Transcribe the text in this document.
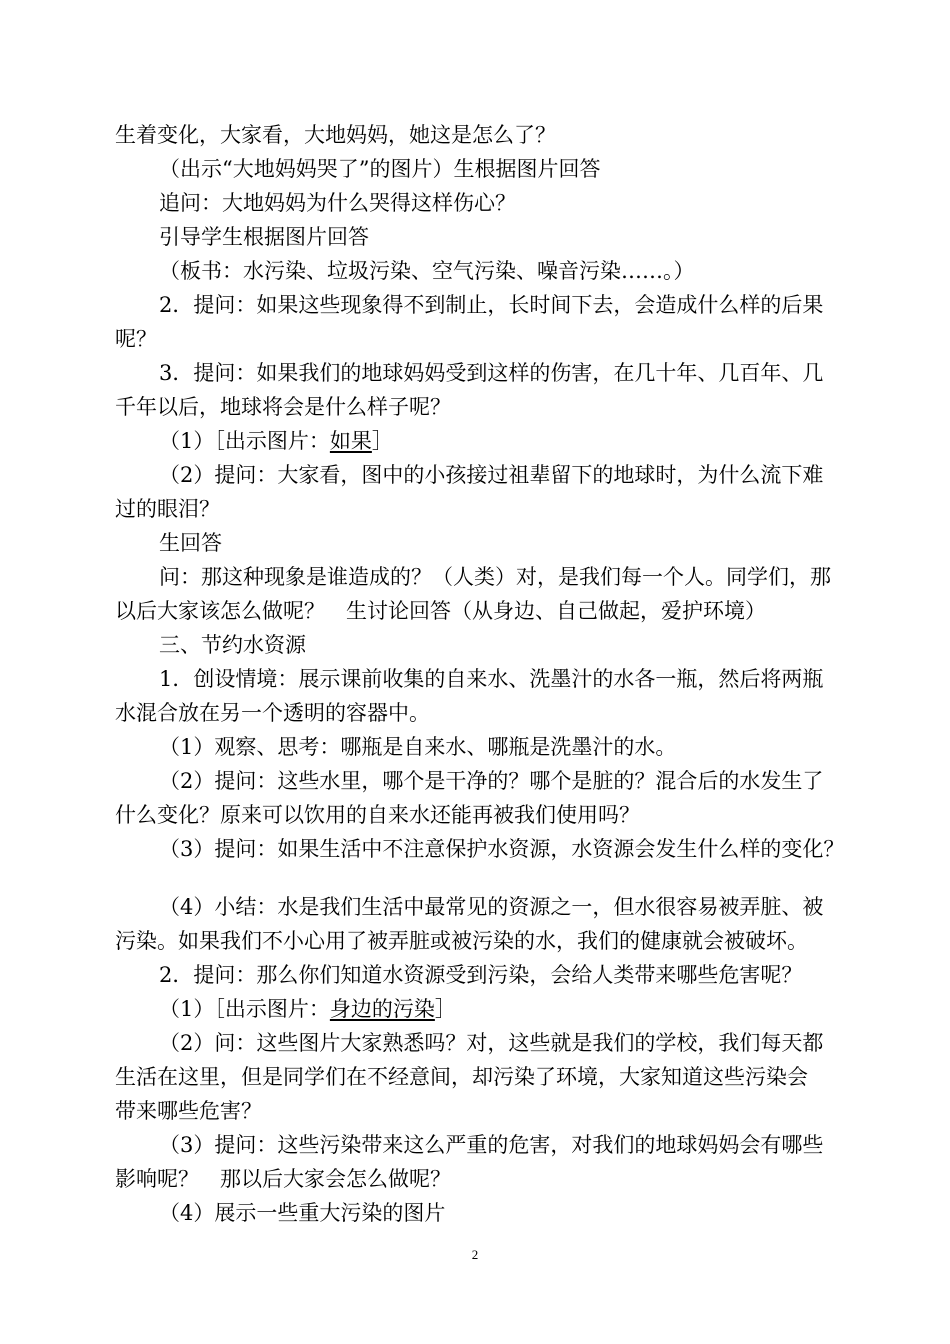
生着变化，大家看，大地妈妈，她这是怎么了？
（出示“大地妈妈哭了”的图片）生根据图片回答
追问：大地妈妈为什么哭得这样伤心？
引导学生根据图片回答
（板书：水污染、垃圾污染、空气污染、噪音污染……。）
2．提问：如果这些现象得不到制止，长时间下去，会造成什么样的后果
呢？
3．提问：如果我们的地球妈妈受到这样的伤害，在几十年、几百年、几
千年以后，地球将会是什么样子呢？
（1）［出示图片：如果］
（2）提问：大家看，图中的小孩接过祖辈留下的地球时，为什么流下难
过的眼泪？
生回答
问：那这种现象是谁造成的？（人类）对，是我们每一个人。同学们，那
以后大家该怎么做呢？　生讨论回答（从身边、自己做起，爱护环境）
三、节约水资源
1．创设情境：展示课前收集的自来水、洗墨汁的水各一瓶，然后将两瓶
水混合放在另一个透明的容器中。
（1）观察、思考：哪瓶是自来水、哪瓶是洗墨汁的水。
（2）提问：这些水里，哪个是干净的？哪个是脏的？混合后的水发生了
什么变化？原来可以饮用的自来水还能再被我们使用吗？
（3）提问：如果生活中不注意保护水资源，水资源会发生什么样的变化？
（4）小结：水是我们生活中最常见的资源之一，但水很容易被弄脏、被
污染。如果我们不小心用了被弄脏或被污染的水，我们的健康就会被破坏。
2．提问：那么你们知道水资源受到污染，会给人类带来哪些危害呢？
（1）［出示图片：身边的污染］
（2）问：这些图片大家熟悉吗？对，这些就是我们的学校，我们每天都
生活在这里，但是同学们在不经意间，却污染了环境，大家知道这些污染会
带来哪些危害？
（3）提问：这些污染带来这么严重的危害，对我们的地球妈妈会有哪些
影响呢？　那以后大家会怎么做呢？
（4）展示一些重大污染的图片
2
